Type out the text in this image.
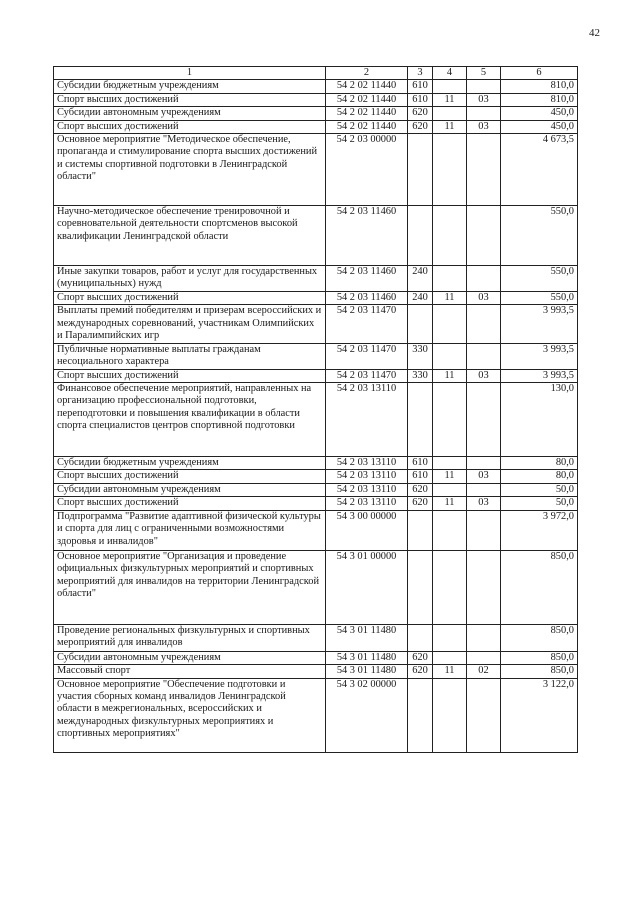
42
1	2	3	4	5	6
Субсидии бюджетным учреждениям	54 2 02 11440	610			810,0
Спорт высших достижений	54 2 02 11440	610	11	03	810,0
Субсидии автономным учреждениям	54 2 02 11440	620			450,0
Спорт высших достижений	54 2 02 11440	620	11	03	450,0
Основное мероприятие "Методическое обеспечение, пропаганда и стимулирование спорта высших достижений и системы спортивной подготовки в Ленинградской области"	54 2 03 00000				4 673,5
Научно-методическое обеспечение тренировочной и соревновательной деятельности спортсменов высокой квалификации Ленинградской области	54 2 03 11460				550,0
Иные закупки товаров, работ и услуг для государственных (муниципальных) нужд	54 2 03 11460	240			550,0
Спорт высших достижений	54 2 03 11460	240	11	03	550,0
Выплаты премий победителям и призерам всероссийских и международных соревнований, участникам Олимпийских и Паралимпийских игр	54 2 03 11470				3 993,5
Публичные нормативные выплаты гражданам несоциального характера	54 2 03 11470	330			3 993,5
Спорт высших достижений	54 2 03 11470	330	11	03	3 993,5
Финансовое обеспечение мероприятий, направленных на организацию профессиональной подготовки, переподготовки и повышения квалификации в области спорта специалистов центров спортивной подготовки	54 2 03 13110				130,0
Субсидии бюджетным учреждениям	54 2 03 13110	610			80,0
Спорт высших достижений	54 2 03 13110	610	11	03	80,0
Субсидии автономным учреждениям	54 2 03 13110	620			50,0
Спорт высших достижений	54 2 03 13110	620	11	03	50,0
Подпрограмма "Развитие адаптивной физической культуры и спорта для лиц с ограниченными возможностями здоровья и инвалидов"	54 3 00 00000				3 972,0
Основное мероприятие "Организация и проведение официальных физкультурных мероприятий и спортивных мероприятий для инвалидов на территории Ленинградской области"	54 3 01 00000				850,0
Проведение региональных физкультурных и спортивных мероприятий для инвалидов	54 3 01 11480				850,0
Субсидии автономным учреждениям	54 3 01 11480	620			850,0
Массовый спорт	54 3 01 11480	620	11	02	850,0
Основное мероприятие "Обеспечение подготовки и участия сборных команд инвалидов Ленинградской области в межрегиональных, всероссийских и международных физкультурных мероприятиях и спортивных мероприятиях"	54 3 02 00000				3 122,0
